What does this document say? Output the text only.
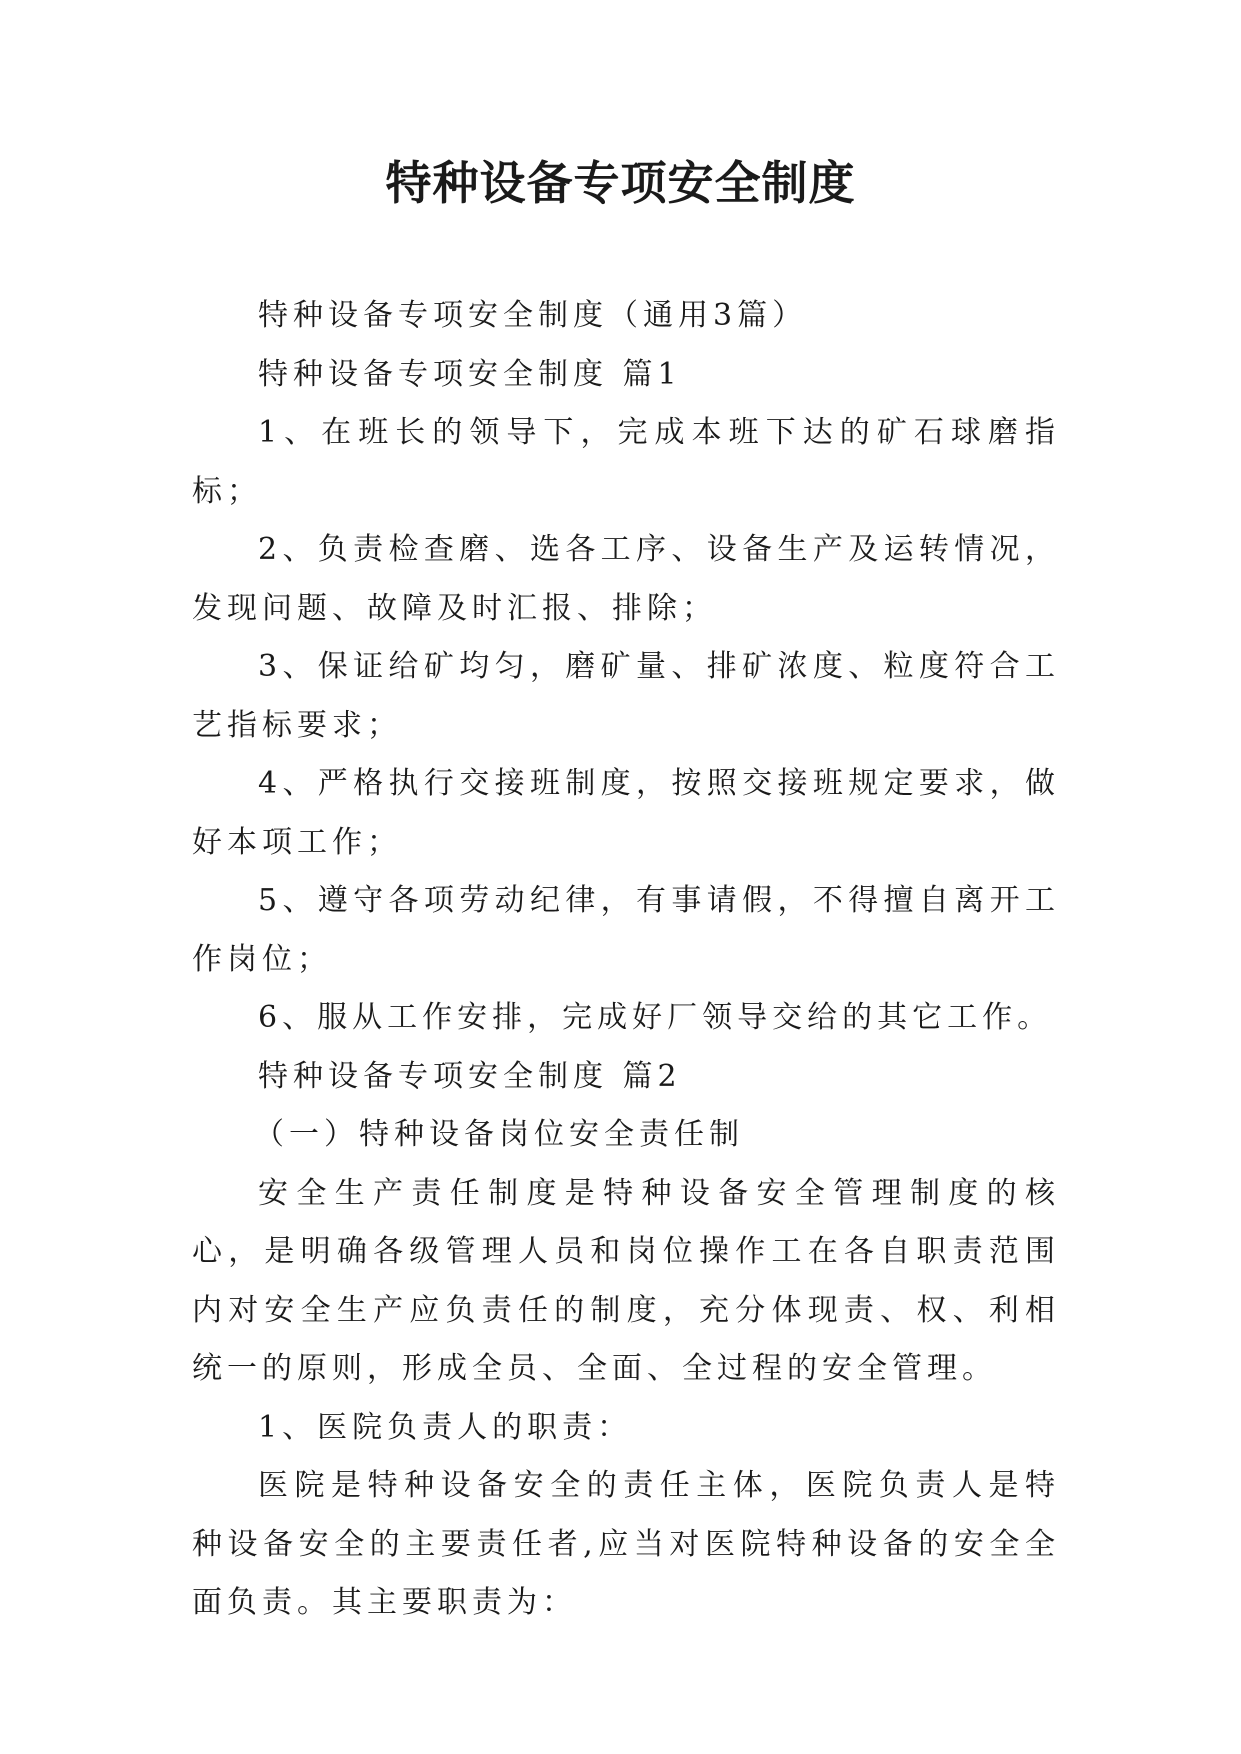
特种设备专项安全制度

特种设备专项安全制度（通用3篇）

特种设备专项安全制度 篇1

1、在班长的领导下，完成本班下达的矿石球磨指标；

2、负责检查磨、选各工序、设备生产及运转情况，发现问题、故障及时汇报、排除；

3、保证给矿均匀，磨矿量、排矿浓度、粒度符合工艺指标要求；

4、严格执行交接班制度，按照交接班规定要求，做好本项工作；

5、遵守各项劳动纪律，有事请假，不得擅自离开工作岗位；

6、服从工作安排，完成好厂领导交给的其它工作。

特种设备专项安全制度 篇2

（一）特种设备岗位安全责任制

安全生产责任制度是特种设备安全管理制度的核心，是明确各级管理人员和岗位操作工在各自职责范围内对安全生产应负责任的制度，充分体现责、权、利相统一的原则，形成全员、全面、全过程的安全管理。

1、医院负责人的职责：

医院是特种设备安全的责任主体，医院负责人是特种设备安全的主要责任者,应当对医院特种设备的安全全面负责。其主要职责为：
